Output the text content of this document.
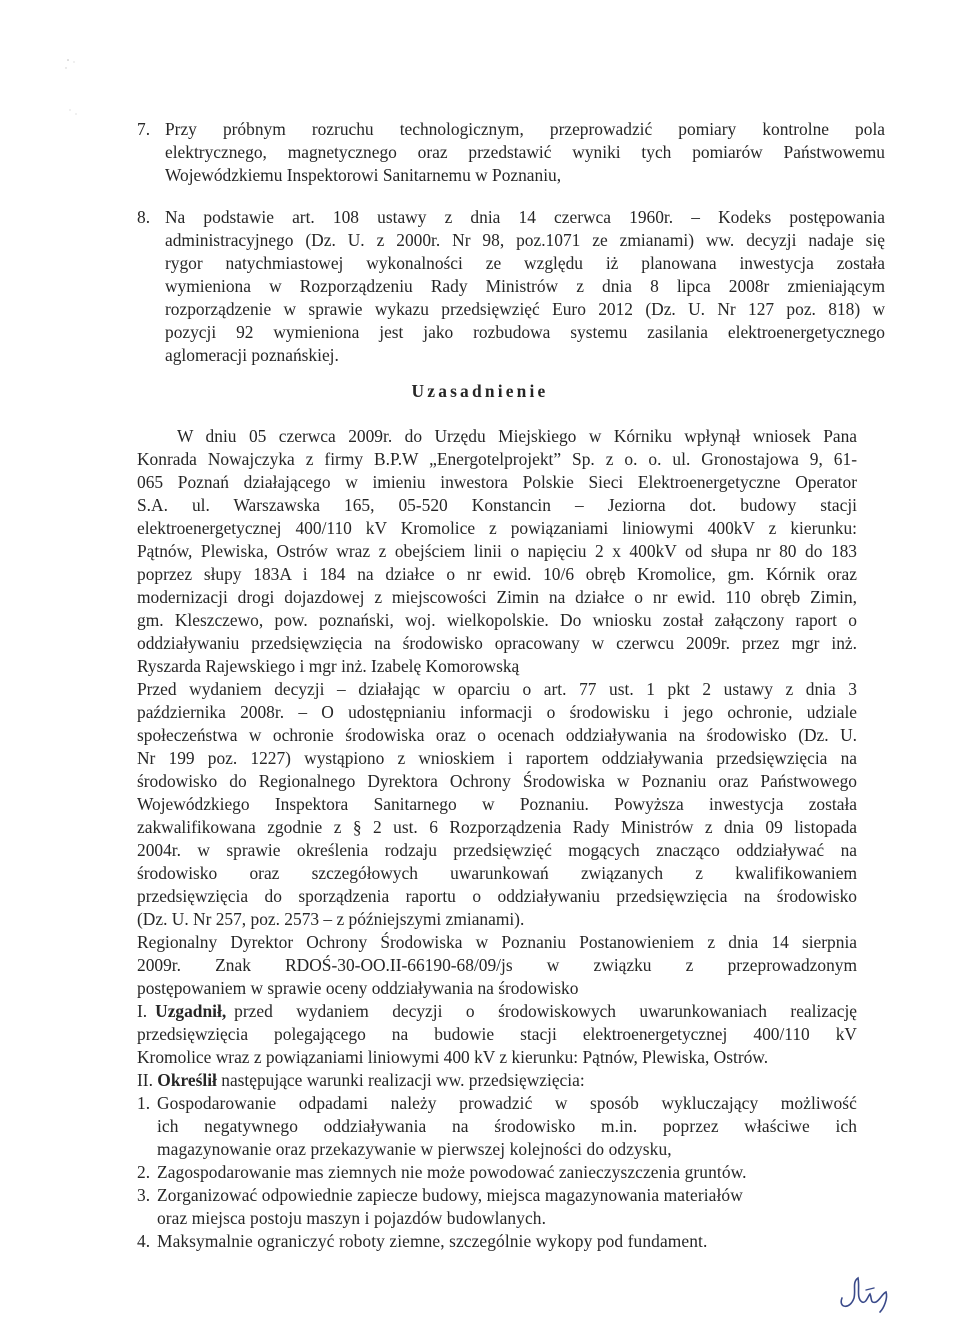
7. Przy próbnym rozruchu technologicznym, przeprowadzić pomiary kontrolne pola
elektrycznego, magnetycznego oraz przedstawić wyniki tych pomiarów Państwowemu
Wojewódzkiemu Inspektorowi Sanitarnemu w Poznaniu,
8. Na podstawie art. 108 ustawy z dnia 14 czerwca 1960r. – Kodeks postępowania
administracyjnego (Dz. U. z 2000r. Nr 98, poz.1071 ze zmianami) ww. decyzji nadaje się
rygor natychmiastowej wykonalności ze względu iż planowana inwestycja została
wymieniona w Rozporządzeniu Rady Ministrów z dnia 8 lipca 2008r zmieniającym
rozporządzenie w sprawie wykazu przedsięwzięć Euro 2012 (Dz. U. Nr 127 poz. 818) w
pozycji 92 wymieniona jest jako rozbudowa systemu zasilania elektroenergetycznego
aglomeracji poznańskiej.
Uzasadnienie
W dniu 05 czerwca 2009r. do Urzędu Miejskiego w Kórniku wpłynął wniosek Pana
Konrada Nowajczyka z firmy B.P.W „Energotelprojekt” Sp. z o. o. ul. Gronostajowa 9, 61-
065 Poznań działającego w imieniu inwestora Polskie Sieci Elektroenergetyczne Operator
S.A. ul. Warszawska 165, 05-520 Konstancin – Jeziorna dot. budowy stacji
elektroenergetycznej 400/110 kV Kromolice z powiązaniami liniowymi 400kV z kierunku:
Pątnów, Plewiska, Ostrów wraz z obejściem linii o napięciu 2 x 400kV od słupa nr 80 do 183
poprzez słupy 183A i 184 na działce o nr ewid. 10/6 obręb Kromolice, gm. Kórnik oraz
modernizacji drogi dojazdowej z miejscowości Zimin na działce o nr ewid. 110 obręb Zimin,
gm. Kleszczewo, pow. poznański, woj. wielkopolskie. Do wniosku został załączony raport o
oddziaływaniu przedsięwzięcia na środowisko opracowany w czerwcu 2009r. przez mgr inż.
Ryszarda Rajewskiego i mgr inż. Izabelę Komorowską
Przed wydaniem decyzji – działając w oparciu o art. 77 ust. 1 pkt 2 ustawy z dnia 3
października 2008r. – O udostępnianiu informacji o środowisku i jego ochronie, udziale
społeczeństwa w ochronie środowiska oraz o ocenach oddziaływania na środowisko (Dz. U.
Nr 199 poz. 1227) wystąpiono z wnioskiem i raportem oddziaływania przedsięwzięcia na
środowisko do Regionalnego Dyrektora Ochrony Środowiska w Poznaniu oraz Państwowego
Wojewódzkiego Inspektora Sanitarnego w Poznaniu. Powyższa inwestycja została
zakwalifikowana zgodnie z § 2 ust. 6 Rozporządzenia Rady Ministrów z dnia 09 listopada
2004r. w sprawie określenia rodzaju przedsięwzięć mogących znacząco oddziaływać na
środowisko oraz szczegółowych uwarunkowań związanych z kwalifikowaniem
przedsięwzięcia do sporządzenia raportu o oddziaływaniu przedsięwzięcia na środowisko
(Dz. U. Nr 257, poz. 2573 – z późniejszymi zmianami).
Regionalny Dyrektor Ochrony Środowiska w Poznaniu Postanowieniem z dnia 14 sierpnia
2009r. Znak RDOŚ-30-OO.II-66190-68/09/js w związku z przeprowadzonym
postępowaniem w sprawie oceny oddziaływania na środowisko
I. Uzgadnił, przed wydaniem decyzji o środowiskowych uwarunkowaniach realizację
przedsięwzięcia polegającego na budowie stacji elektroenergetycznej 400/110 kV
Kromolice wraz z powiązaniami liniowymi 400 kV z kierunku: Pątnów, Plewiska, Ostrów.
II. Określił następujące warunki realizacji ww. przedsięwzięcia:
1. Gospodarowanie odpadami należy prowadzić w sposób wykluczający możliwość
ich negatywnego oddziaływania na środowisko m.in. poprzez właściwe ich
magazynowanie oraz przekazywanie w pierwszej kolejności do odzysku,
2. Zagospodarowanie mas ziemnych nie może powodować zanieczyszczenia gruntów.
3. Zorganizować odpowiednie zapiecze budowy, miejsca magazynowania materiałów
oraz miejsca postoju maszyn i pojazdów budowlanych.
4. Maksymalnie ograniczyć roboty ziemne, szczególnie wykopy pod fundament.
